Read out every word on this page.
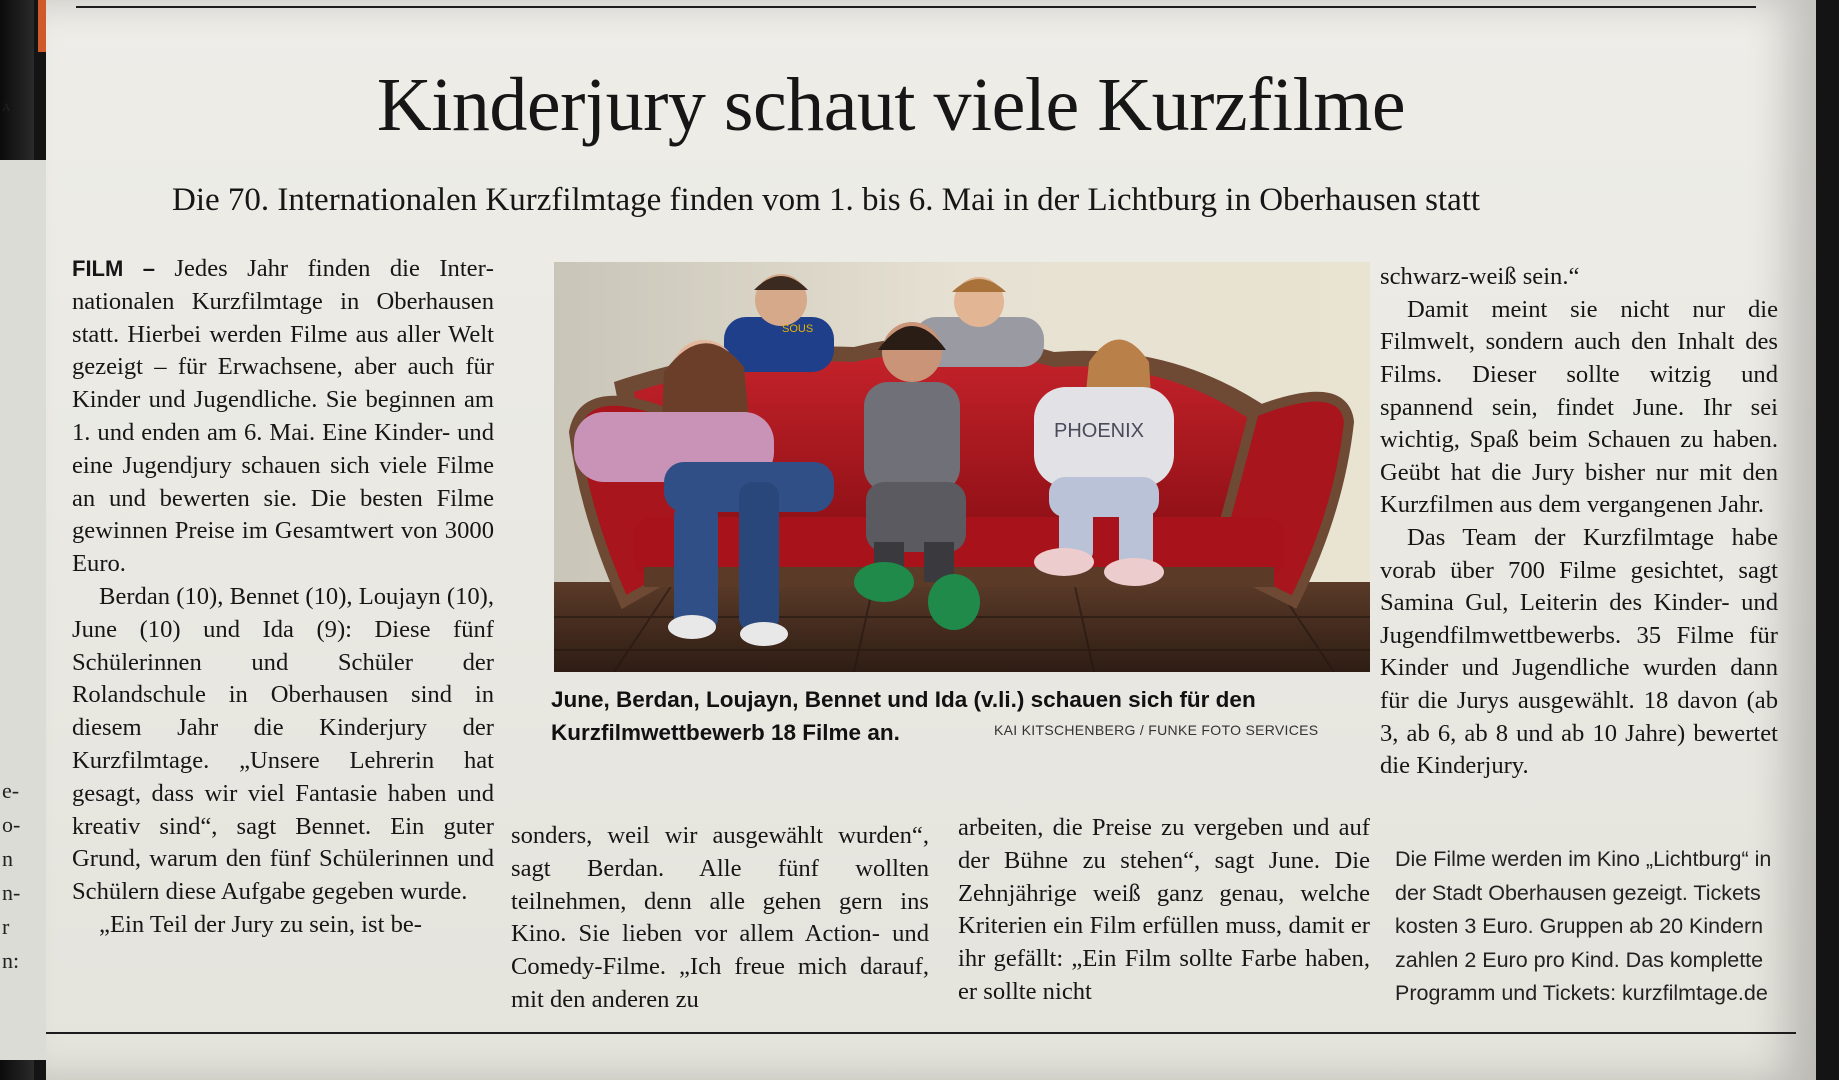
A
e-
o-
n
n-
r
n:
Kinderjury schaut viele Kurzfilme
Die 70. Internationalen Kurzfilmtage finden vom 1. bis 6. Mai in der Lichtburg in Oberhausen statt

FILM – Jedes Jahr finden die Internationalen Kurzfilmtage in Oberhausen statt. Hierbei werden Filme aus aller Welt gezeigt – für Erwachsene, aber auch für Kinder und Jugendliche. Sie beginnen am 1. und enden am 6. Mai. Eine Kinder- und eine Jugendjury schauen sich viele Filme an und bewerten sie. Die besten Filme gewinnen Preise im Gesamtwert von 3000 Euro.

Berdan (10), Bennet (10), Loujayn (10), June (10) und Ida (9): Diese fünf Schülerinnen und Schüler der Rolandschule in Oberhausen sind in diesem Jahr die Kinderjury der Kurzfilmtage. „Unsere Lehrerin hat gesagt, dass wir viel Fantasie haben und kreativ sind“, sagt Bennet. Ein guter Grund, warum den fünf Schülerinnen und Schülern diese Aufgabe gegeben wurde.

„Ein Teil der Jury zu sein, ist be-

SOUS
PHOENIX
June, Berdan, Loujayn, Bennet und Ida (v.li.) schauen sich für den Kurzfilmwettbewerb 18 Filme an.	KAI KITSCHENBERG / FUNKE FOTO SERVICES

sonders, weil wir ausgewählt wurden“, sagt Berdan. Alle fünf wollten teilnehmen, denn alle gehen gern ins Kino. Sie lieben vor allem Action- und Comedy-Filme. „Ich freue mich darauf, mit den anderen zu

arbeiten, die Preise zu vergeben und auf der Bühne zu stehen“, sagt June. Die Zehnjährige weiß ganz genau, welche Kriterien ein Film erfüllen muss, damit er ihr gefällt: „Ein Film sollte Farbe haben, er sollte nicht

schwarz-weiß sein.“

Damit meint sie nicht nur die Filmwelt, sondern auch den Inhalt des Films. Dieser sollte witzig und spannend sein, findet June. Ihr sei wichtig, Spaß beim Schauen zu haben. Geübt hat die Jury bisher nur mit den Kurzfilmen aus dem vergangenen Jahr.

Das Team der Kurzfilmtage habe vorab über 700 Filme gesichtet, sagt Samina Gul, Leiterin des Kinder- und Jugendfilmwettbewerbs. 35 Filme für Kinder und Jugendliche wurden dann für die Jurys ausgewählt. 18 davon (ab 3, ab 6, ab 8 und ab 10 Jahre) bewertet die Kinderjury.

Die Filme werden im Kino „Lichtburg“ in der Stadt Oberhausen gezeigt. Tickets kosten 3 Euro. Gruppen ab 20 Kindern zahlen 2 Euro pro Kind. Das komplette Programm und Tickets: kurzfilmtage.de
